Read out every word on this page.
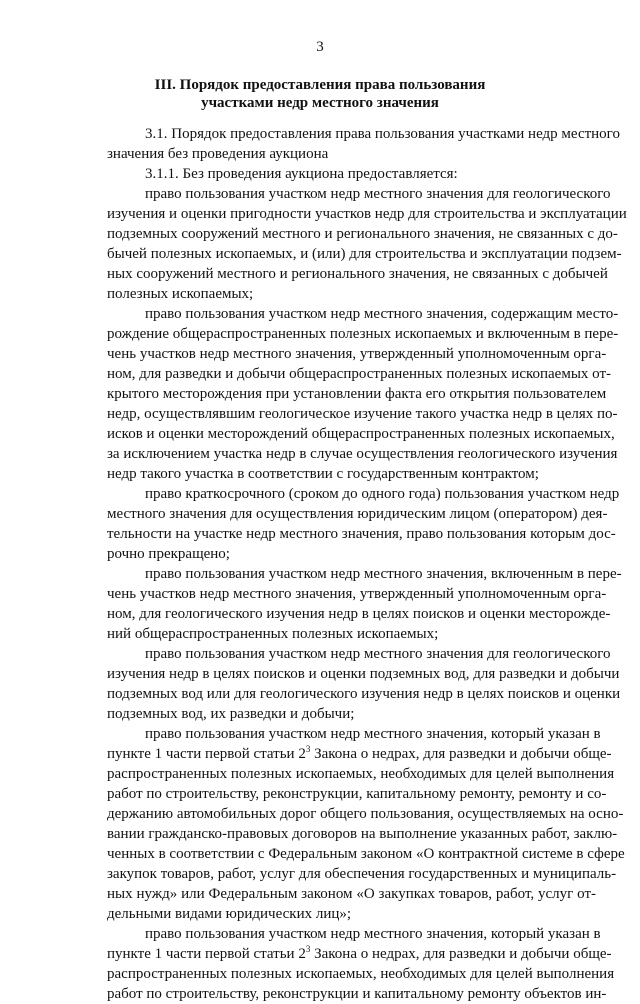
3
III. Порядок предоставления права пользования
участками недр местного значения
3.1. Порядок предоставления права пользования участками недр местного
значения без проведения аукциона
3.1.1. Без проведения аукциона предоставляется:
право пользования участком недр местного значения для геологического
изучения и оценки пригодности участков недр для строительства и эксплуатации
подземных сооружений местного и регионального значения, не связанных с до-
бычей полезных ископаемых, и (или) для строительства и эксплуатации подзем-
ных сооружений местного и регионального значения, не связанных с добычей
полезных ископаемых;
право пользования участком недр местного значения, содержащим место-
рождение общераспространенных полезных ископаемых и включенным в пере-
чень участков недр местного значения, утвержденный уполномоченным орга-
ном, для разведки и добычи общераспространенных полезных ископаемых от-
крытого месторождения при установлении факта его открытия пользователем
недр, осуществлявшим геологическое изучение такого участка недр в целях по-
исков и оценки месторождений общераспространенных полезных ископаемых,
за исключением участка недр в случае осуществления геологического изучения
недр такого участка в соответствии с государственным контрактом;
право краткосрочного (сроком до одного года) пользования участком недр
местного значения для осуществления юридическим лицом (оператором) дея-
тельности на участке недр местного значения, право пользования которым дос-
рочно прекращено;
право пользования участком недр местного значения, включенным в пере-
чень участков недр местного значения, утвержденный уполномоченным орга-
ном, для геологического изучения недр в целях поисков и оценки месторожде-
ний общераспространенных полезных ископаемых;
право пользования участком недр местного значения для геологического
изучения недр в целях поисков и оценки подземных вод, для разведки и добычи
подземных вод или для геологического изучения недр в целях поисков и оценки
подземных вод, их разведки и добычи;
право пользования участком недр местного значения, который указан в
пункте 1 части первой статьи $2^3$ Закона о недрах, для разведки и добычи обще-
распространенных полезных ископаемых, необходимых для целей выполнения
работ по строительству, реконструкции, капитальному ремонту, ремонту и со-
держанию автомобильных дорог общего пользования, осуществляемых на осно-
вании гражданско-правовых договоров на выполнение указанных работ, заклю-
ченных в соответствии с Федеральным законом «О контрактной системе в сфере
закупок товаров, работ, услуг для обеспечения государственных и муниципаль-
ных нужд» или Федеральным законом «О закупках товаров, работ, услуг от-
дельными видами юридических лиц»;
право пользования участком недр местного значения, который указан в
пункте 1 части первой статьи $2^3$ Закона о недрах, для разведки и добычи обще-
распространенных полезных ископаемых, необходимых для целей выполнения
работ по строительству, реконструкции и капитальному ремонту объектов ин-
